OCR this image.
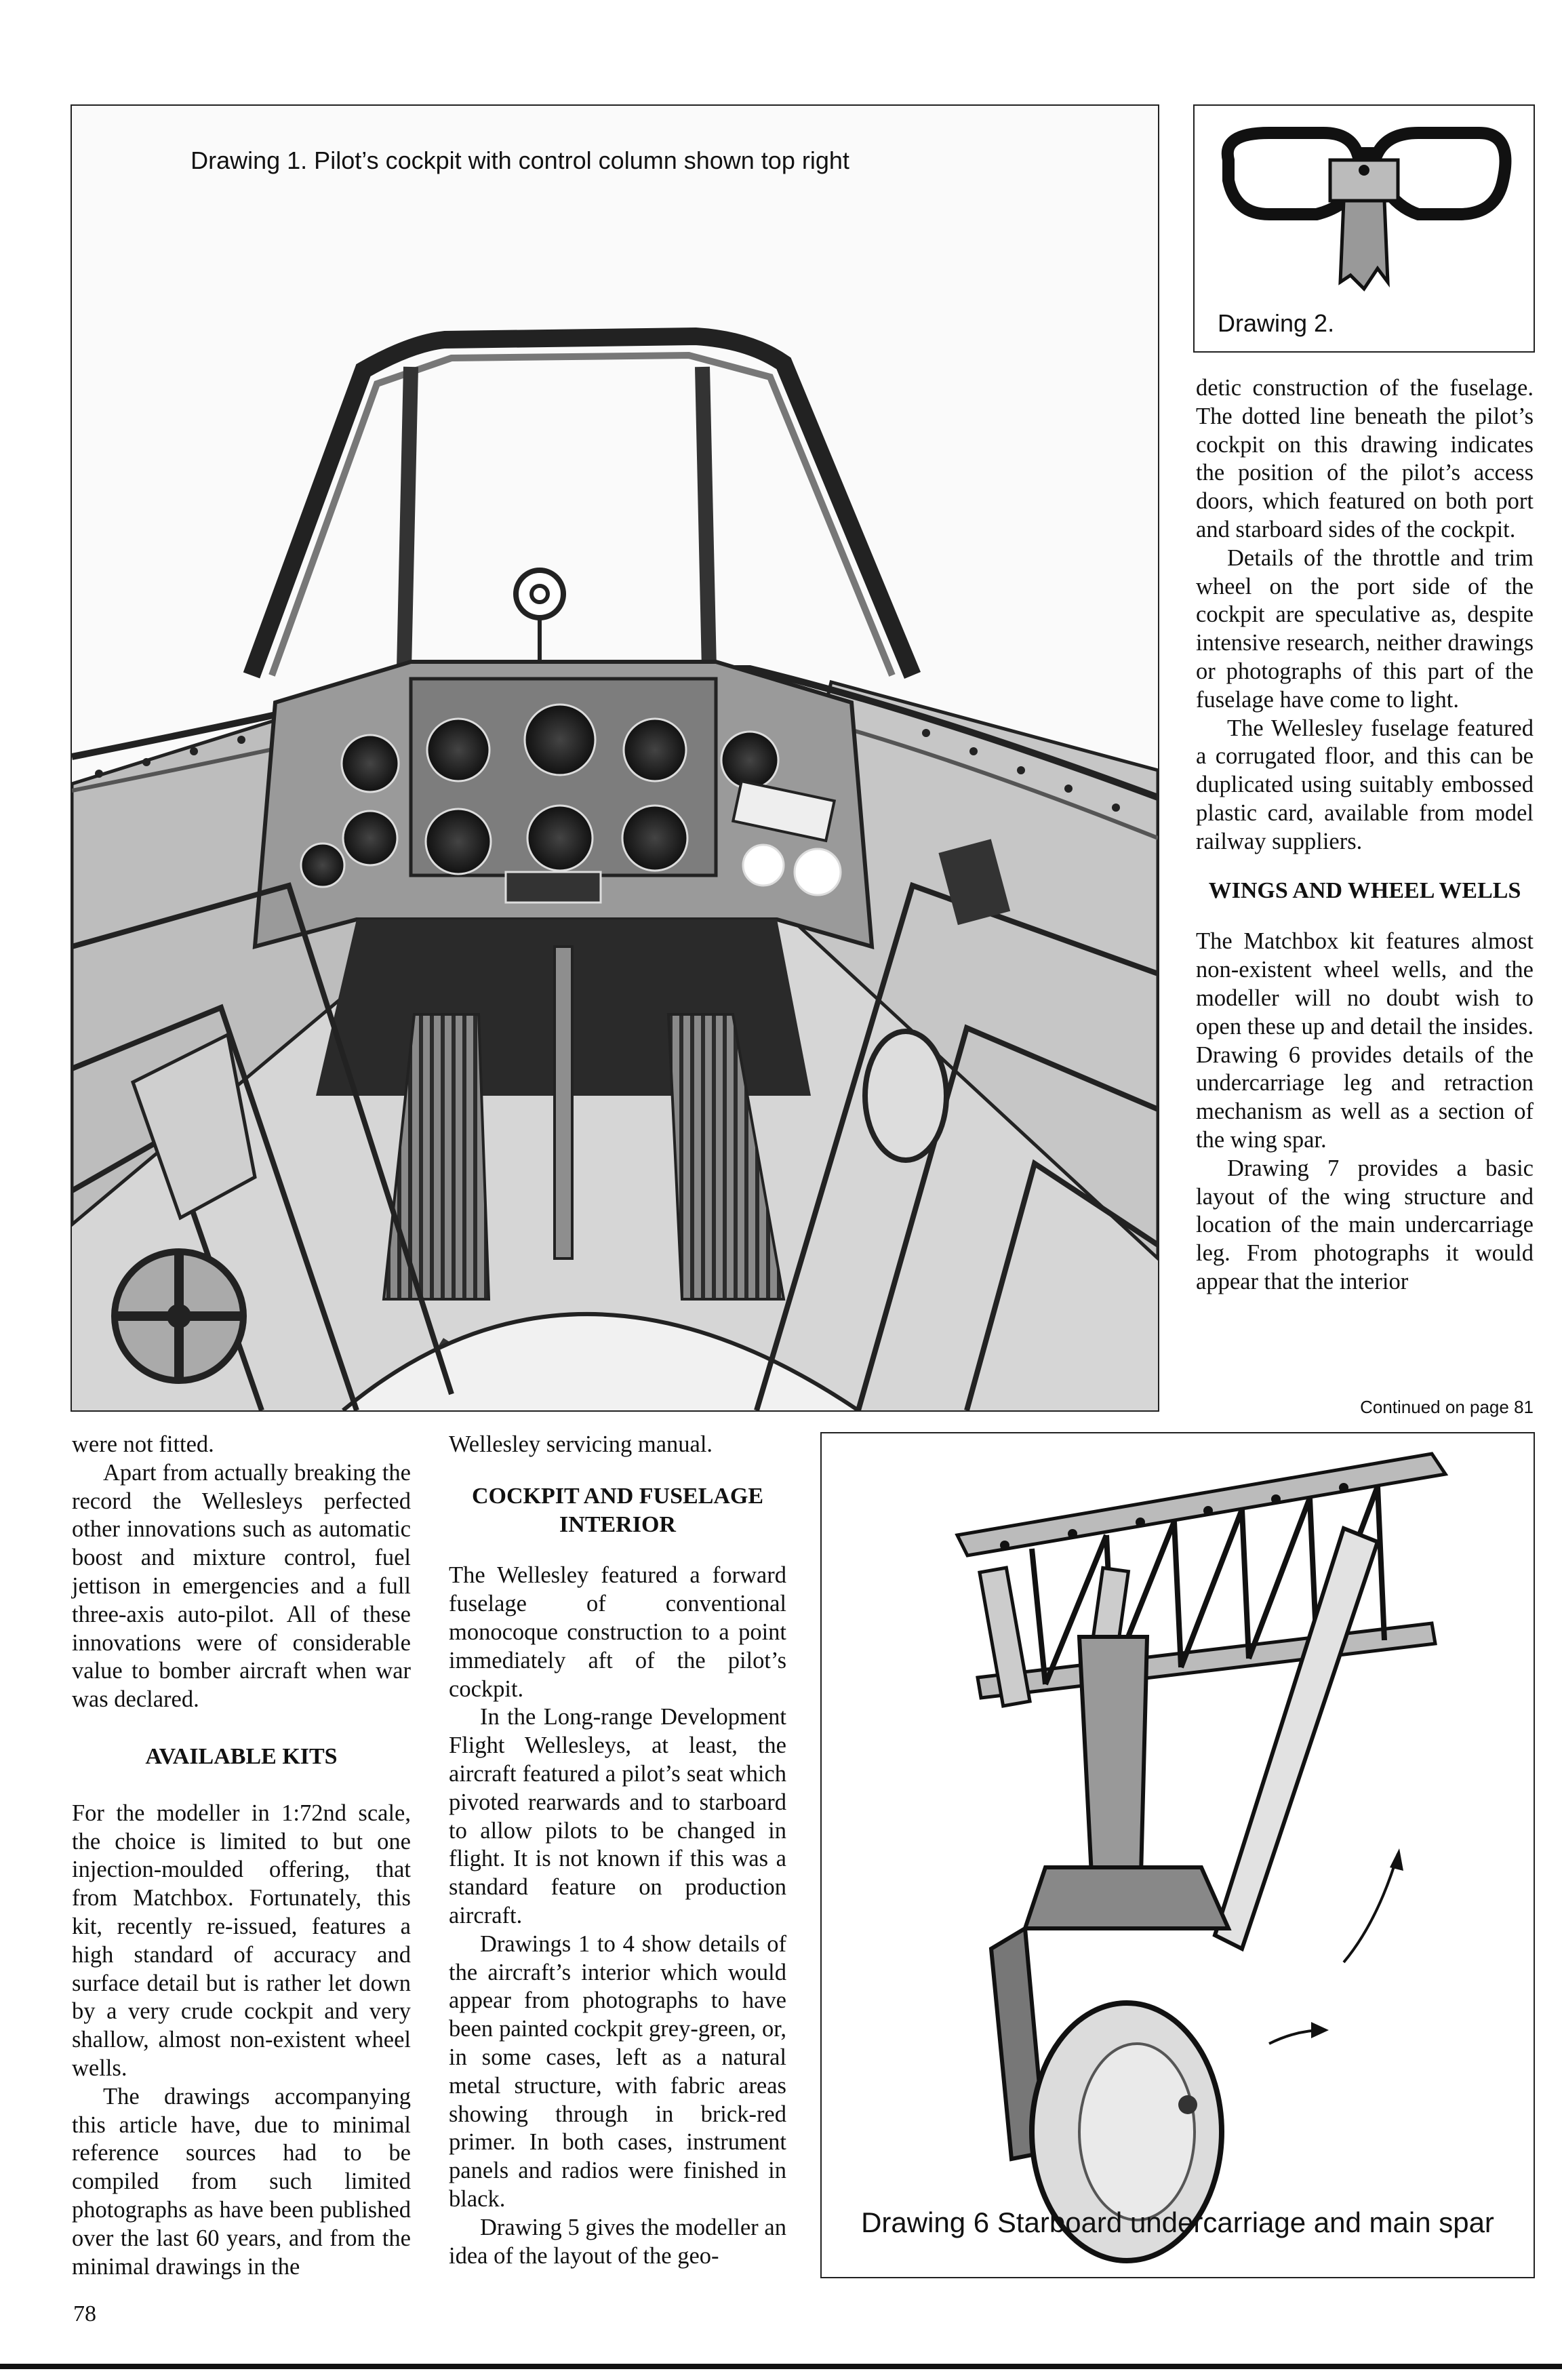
Drawing 1. Pilot’s cockpit with control column shown top right
Drawing 2.

detic construction of the fuselage. The dotted line beneath the pilot’s cockpit on this drawing indicates the position of the pilot’s access doors, which featured on both port and starboard sides of the cockpit.

Details of the throttle and trim wheel on the port side of the cockpit are speculative as, despite intensive research, neither drawings or photographs of this part of the fuselage have come to light.

The Wellesley fuselage featured a corrugated floor, and this can be duplicated using suitably embossed plastic card, available from model railway suppliers.

WINGS AND WHEEL WELLS

The Matchbox kit features almost non-existent wheel wells, and the modeller will no doubt wish to open these up and detail the insides. Drawing 6 provides details of the undercarriage leg and retraction mechanism as well as a section of the wing spar.

Drawing 7 provides a basic layout of the wing structure and location of the main undercarriage leg. From photographs it would appear that the interior

Continued on page 81

were not fitted.

Apart from actually breaking the record the Wellesleys perfected other innovations such as automatic boost and mixture control, fuel jettison in emergencies and a full three-axis auto-pilot. All of these innovations were of considerable value to bomber aircraft when war was declared.

AVAILABLE KITS

For the modeller in 1:72nd scale, the choice is limited to but one injection-moulded offering, that from Matchbox. Fortunately, this kit, recently re-issued, features a high standard of accuracy and surface detail but is rather let down by a very crude cockpit and very shallow, almost non-existent wheel wells.

The drawings accompanying this article have, due to minimal reference sources had to be compiled from such limited photographs as have been published over the last 60 years, and from the minimal drawings in the

Wellesley servicing manual.

COCKPIT AND FUSELAGE INTERIOR

The Wellesley featured a forward fuselage of conventional monocoque construction to a point immediately aft of the pilot’s cockpit.

In the Long-range Development Flight Wellesleys, at least, the aircraft featured a pilot’s seat which pivoted rearwards and to starboard to allow pilots to be changed in flight. It is not known if this was a standard feature on production aircraft.

Drawings 1 to 4 show details of the aircraft’s interior which would appear from photographs to have been painted cockpit grey-green, or, in some cases, left as a natural metal structure, with fabric areas showing through in brick-red primer. In both cases, instrument panels and radios were finished in black.

Drawing 5 gives the modeller an idea of the layout of the geo-

Drawing 6 Starboard undercarriage and main spar
78
